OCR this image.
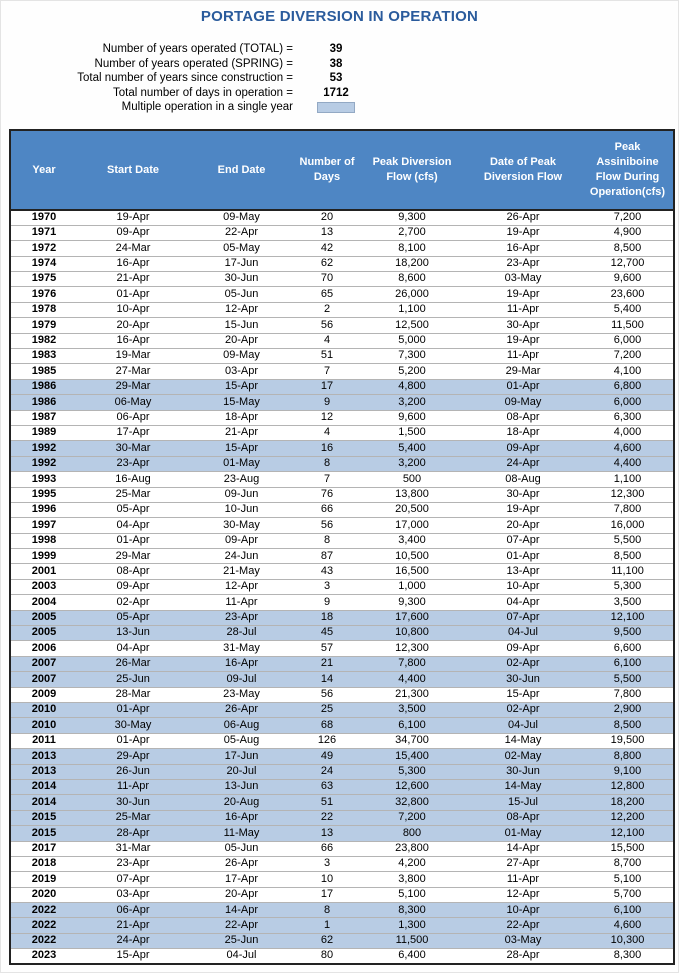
PORTAGE DIVERSION IN OPERATION
Number of years operated (TOTAL) =	39
Number of years operated (SPRING) =	38
Total number of years since construction =	53
Total number of days in operation =	1712
Multiple operation in a single year
Year	Start Date	End Date	Number of Days	Peak Diversion Flow (cfs)	Date of Peak Diversion Flow	Peak Assiniboine Flow During Operation(cfs)
1970	19-Apr	09-May	20	9,300	26-Apr	7,200
1971	09-Apr	22-Apr	13	2,700	19-Apr	4,900
1972	24-Mar	05-May	42	8,100	16-Apr	8,500
1974	16-Apr	17-Jun	62	18,200	23-Apr	12,700
1975	21-Apr	30-Jun	70	8,600	03-May	9,600
1976	01-Apr	05-Jun	65	26,000	19-Apr	23,600
1978	10-Apr	12-Apr	2	1,100	11-Apr	5,400
1979	20-Apr	15-Jun	56	12,500	30-Apr	11,500
1982	16-Apr	20-Apr	4	5,000	19-Apr	6,000
1983	19-Mar	09-May	51	7,300	11-Apr	7,200
1985	27-Mar	03-Apr	7	5,200	29-Mar	4,100
1986	29-Mar	15-Apr	17	4,800	01-Apr	6,800
1986	06-May	15-May	9	3,200	09-May	6,000
1987	06-Apr	18-Apr	12	9,600	08-Apr	6,300
1989	17-Apr	21-Apr	4	1,500	18-Apr	4,000
1992	30-Mar	15-Apr	16	5,400	09-Apr	4,600
1992	23-Apr	01-May	8	3,200	24-Apr	4,400
1993	16-Aug	23-Aug	7	500	08-Aug	1,100
1995	25-Mar	09-Jun	76	13,800	30-Apr	12,300
1996	05-Apr	10-Jun	66	20,500	19-Apr	7,800
1997	04-Apr	30-May	56	17,000	20-Apr	16,000
1998	01-Apr	09-Apr	8	3,400	07-Apr	5,500
1999	29-Mar	24-Jun	87	10,500	01-Apr	8,500
2001	08-Apr	21-May	43	16,500	13-Apr	11,100
2003	09-Apr	12-Apr	3	1,000	10-Apr	5,300
2004	02-Apr	11-Apr	9	9,300	04-Apr	3,500
2005	05-Apr	23-Apr	18	17,600	07-Apr	12,100
2005	13-Jun	28-Jul	45	10,800	04-Jul	9,500
2006	04-Apr	31-May	57	12,300	09-Apr	6,600
2007	26-Mar	16-Apr	21	7,800	02-Apr	6,100
2007	25-Jun	09-Jul	14	4,400	30-Jun	5,500
2009	28-Mar	23-May	56	21,300	15-Apr	7,800
2010	01-Apr	26-Apr	25	3,500	02-Apr	2,900
2010	30-May	06-Aug	68	6,100	04-Jul	8,500
2011	01-Apr	05-Aug	126	34,700	14-May	19,500
2013	29-Apr	17-Jun	49	15,400	02-May	8,800
2013	26-Jun	20-Jul	24	5,300	30-Jun	9,100
2014	11-Apr	13-Jun	63	12,600	14-May	12,800
2014	30-Jun	20-Aug	51	32,800	15-Jul	18,200
2015	25-Mar	16-Apr	22	7,200	08-Apr	12,200
2015	28-Apr	11-May	13	800	01-May	12,100
2017	31-Mar	05-Jun	66	23,800	14-Apr	15,500
2018	23-Apr	26-Apr	3	4,200	27-Apr	8,700
2019	07-Apr	17-Apr	10	3,800	11-Apr	5,100
2020	03-Apr	20-Apr	17	5,100	12-Apr	5,700
2022	06-Apr	14-Apr	8	8,300	10-Apr	6,100
2022	21-Apr	22-Apr	1	1,300	22-Apr	4,600
2022	24-Apr	25-Jun	62	11,500	03-May	10,300
2023	15-Apr	04-Jul	80	6,400	28-Apr	8,300
